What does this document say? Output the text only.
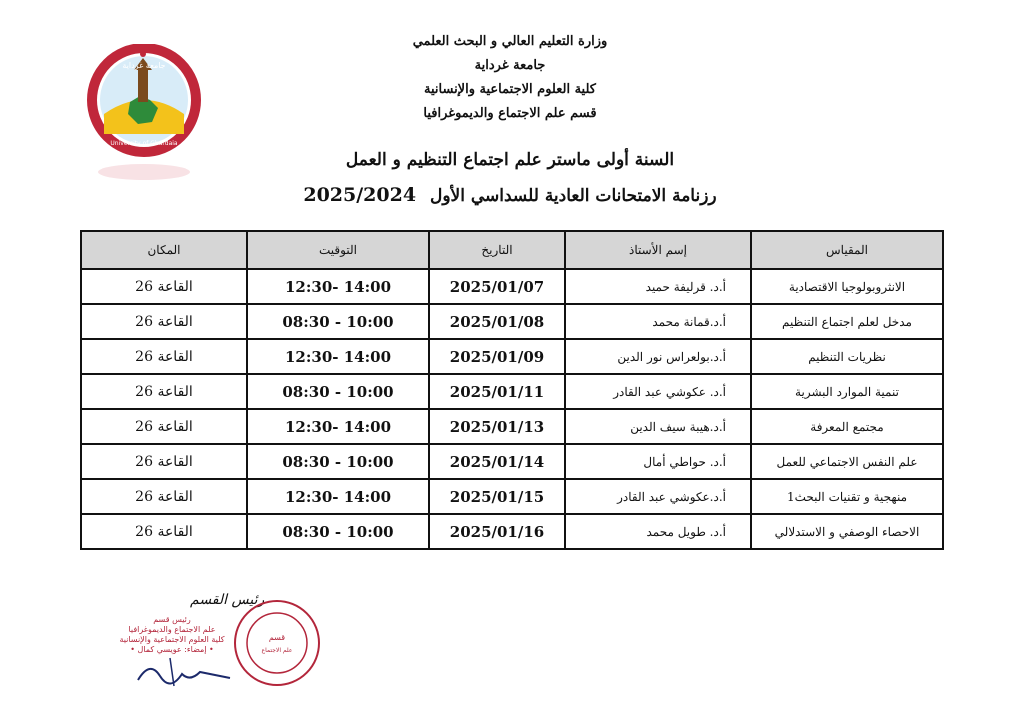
جامعة غرداية
University of Ghardaia
وزارة التعليم العالي و البحث العلمي
جامعة غرداية
كلية العلوم الاجتماعية والإنسانية
قسم علم الاجتماع والديموغرافيا
السنة أولى ماستر علم اجتماع التنظيم و العمل
رزنامة الامتحانات العادية للسداسي الأول 2025/2024
المقياس	إسم الأستاذ	التاريخ	التوقيت	المكان
الانثروبولوجيا الاقتصادية	أ.د. قرليفة حميد	2025/01/07	14:00 -12:30	القاعة 26
مدخل لعلم اجتماع التنظيم	أ.د.قمانة محمد	2025/01/08	10:00 - 08:30	القاعة 26
نظريات التنظيم	أ.د.بولعراس نور الدين	2025/01/09	14:00 -12:30	القاعة 26
تنمية الموارد البشرية	أ.د. عكوشي عبد القادر	2025/01/11	10:00 - 08:30	القاعة 26
مجتمع المعرفة	أ.د.هيبة سيف الدين	2025/01/13	14:00 -12:30	القاعة 26
علم النفس الاجتماعي للعمل	أ.د. حواطي أمال	2025/01/14	10:00 - 08:30	القاعة 26
منهجية و تقنيات البحث1	أ.د.عكوشي عبد القادر	2025/01/15	14:00 -12:30	القاعة 26
الاحصاء الوصفي و الاستدلالي	أ.د. طويل محمد	2025/01/16	10:00 - 08:30	القاعة 26
رئيس القسم
رئيس قسم
علم الاجتماع والديموغرافيا
كلية العلوم الاجتماعية والإنسانية
• إمضاء: عويسي كمال •
قسم
علم الاجتماع
